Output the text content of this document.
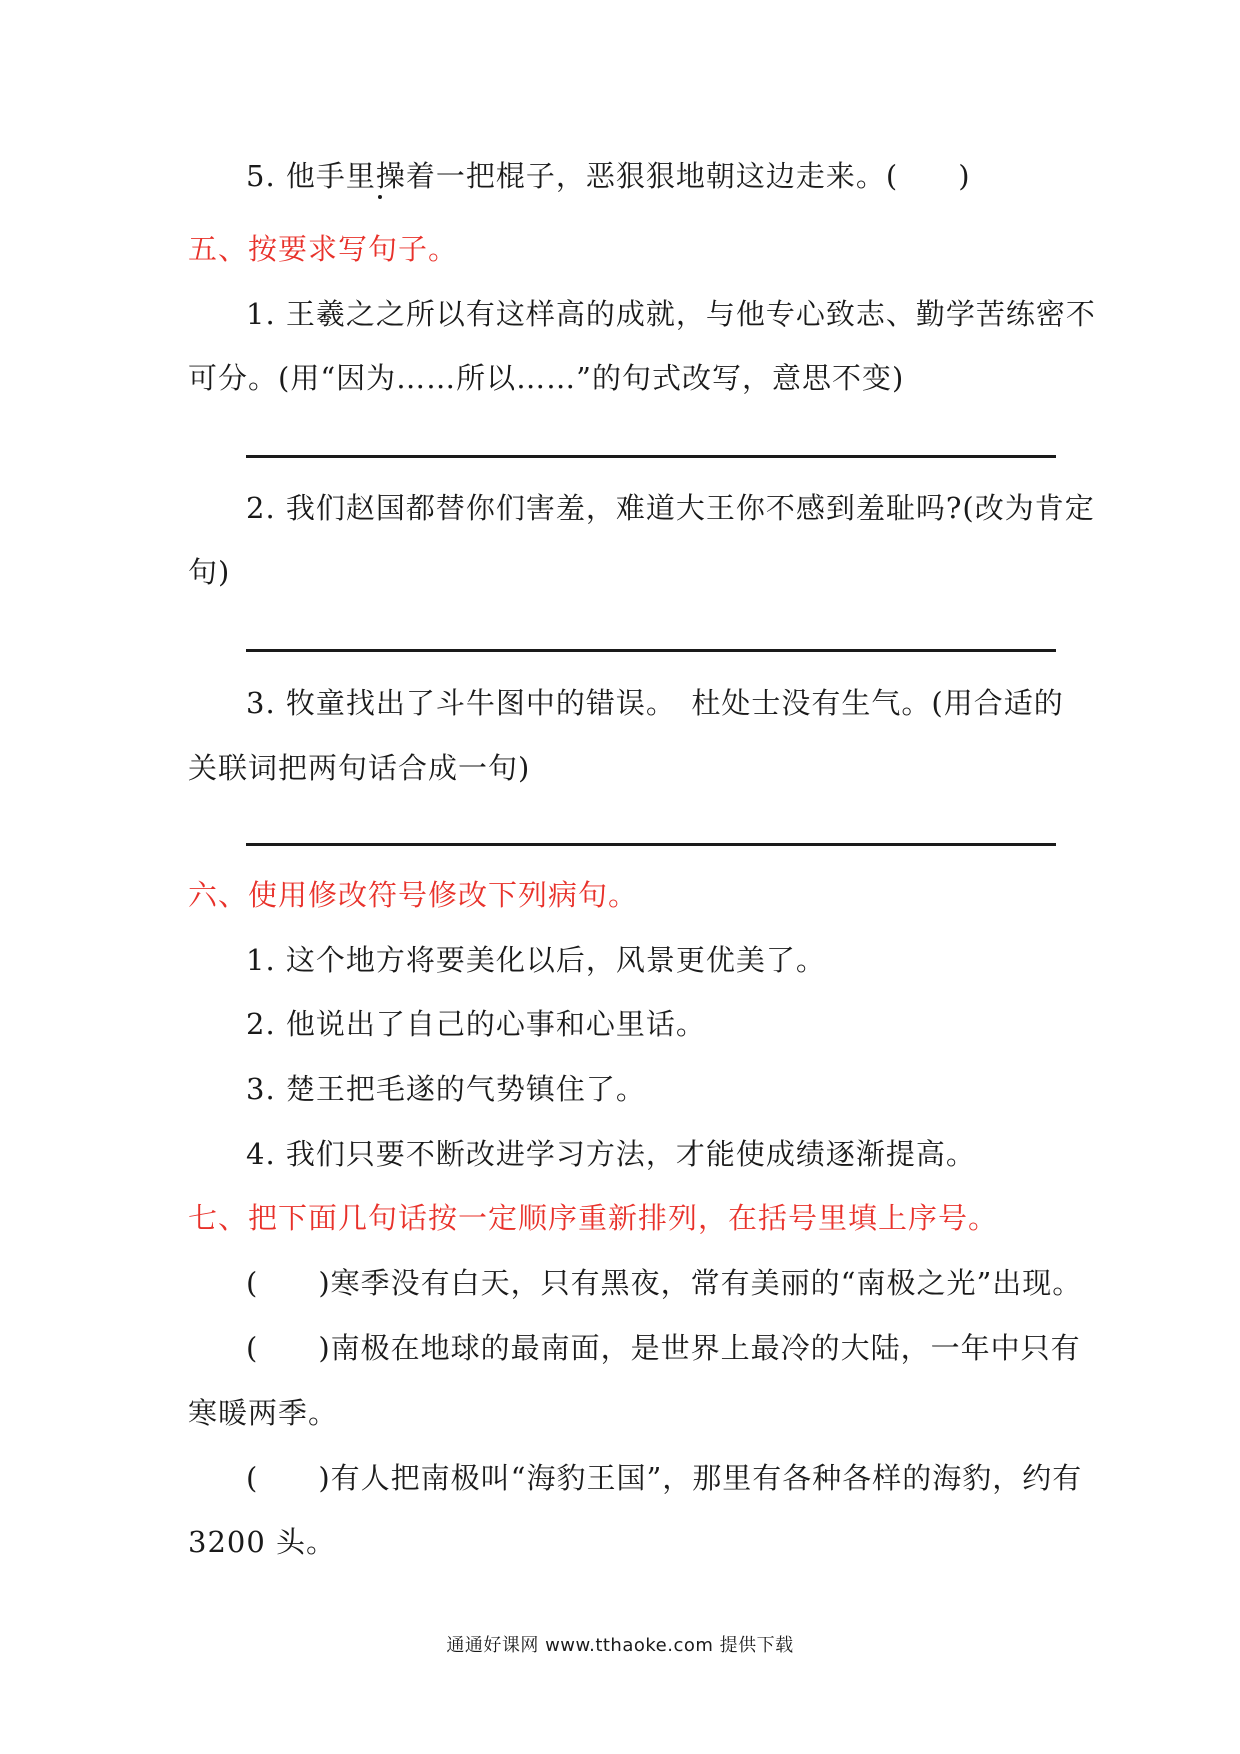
5. 他手里操着一把棍子，恶狠狠地朝这边走来。(　　)
五、按要求写句子。
1. 王羲之之所以有这样高的成就，与他专心致志、勤学苦练密不
可分。(用“因为……所以……”的句式改写，意思不变)
2. 我们赵国都替你们害羞，难道大王你不感到羞耻吗?(改为肯定
句)
3. 牧童找出了斗牛图中的错误。　杜处士没有生气。(用合适的
关联词把两句话合成一句)
六、使用修改符号修改下列病句。
1. 这个地方将要美化以后，风景更优美了。
2. 他说出了自己的心事和心里话。
3. 楚王把毛遂的气势镇住了。
4. 我们只要不断改进学习方法，才能使成绩逐渐提高。
七、把下面几句话按一定顺序重新排列，在括号里填上序号。
( )寒季没有白天，只有黑夜，常有美丽的“南极之光”出现。
( )南极在地球的最南面，是世界上最冷的大陆，一年中只有
寒暖两季。
( )有人把南极叫“海豹王国”，那里有各种各样的海豹，约有
3200 头。
通通好课网 www.tthaoke.com 提供下载
